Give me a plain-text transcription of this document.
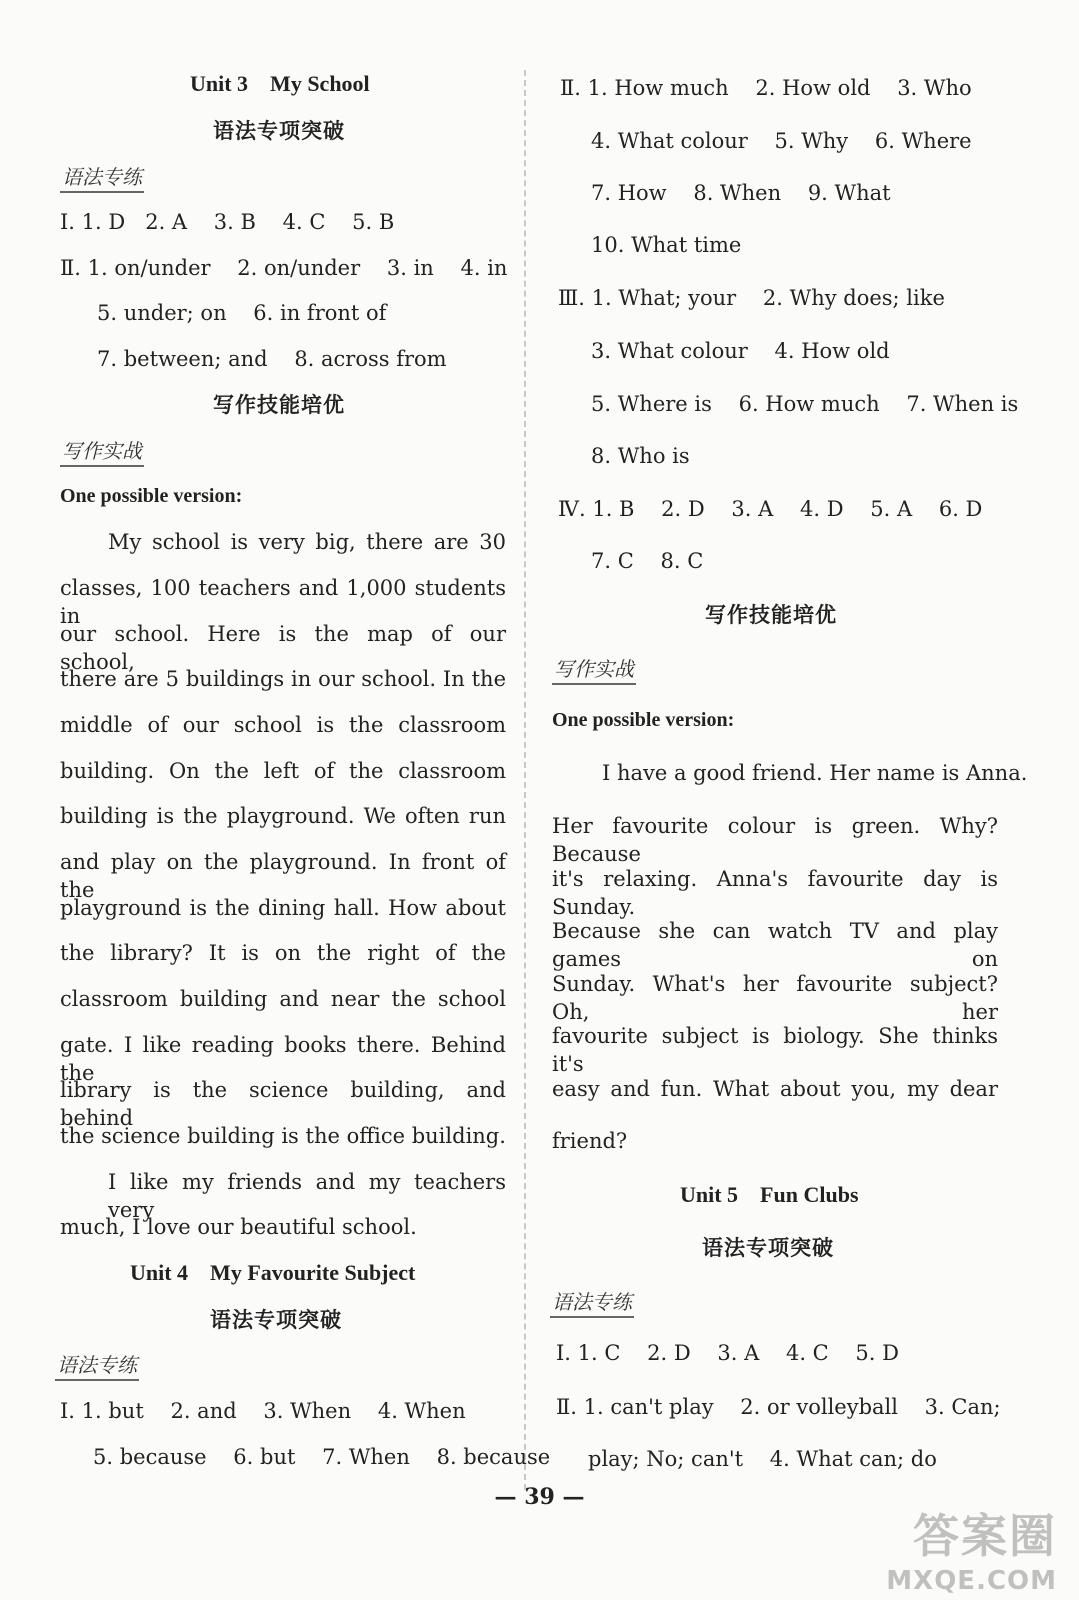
Unit 3    My School
语法专项突破
语法专练
Ⅰ. 1. D   2. A    3. B    4. C    5. B
Ⅱ. 1. on/under    2. on/under    3. in    4. in
5. under; on    6. in front of
7. between; and    8. across from
写作技能培优
写作实战
One possible version:
My school is very big, there are 30
classes, 100 teachers and 1,000 students in
our school. Here is the map of our school,
there are 5 buildings in our school. In the
middle of our school is the classroom
building. On the left of the classroom
building is the playground. We often run
and play on the playground. In front of the
playground is the dining hall. How about
the library? It is on the right of the
classroom building and near the school
gate. I like reading books there. Behind the
library is the science building, and behind
the science building is the office building.
I like my friends and my teachers very
much, I love our beautiful school.
Unit 4    My Favourite Subject
语法专项突破
语法专练
Ⅰ. 1. but    2. and    3. When    4. When
5. because    6. but    7. When    8. because
Ⅱ. 1. How much    2. How old    3. Who
4. What colour    5. Why    6. Where
7. How    8. When    9. What
10. What time
Ⅲ. 1. What; your    2. Why does; like
3. What colour    4. How old
5. Where is    6. How much    7. When is
8. Who is
Ⅳ. 1. B    2. D    3. A    4. D    5. A    6. D
7. C    8. C
写作技能培优
写作实战
One possible version:
I have a good friend. Her name is Anna.
Her favourite colour is green. Why? Because
it's relaxing. Anna's favourite day is Sunday.
Because she can watch TV and play games on
Sunday. What's her favourite subject? Oh, her
favourite subject is biology. She thinks it's
easy and fun. What about you, my dear
friend?
Unit 5    Fun Clubs
语法专项突破
语法专练
Ⅰ. 1. C    2. D    3. A    4. C    5. D
Ⅱ. 1. can't play    2. or volleyball    3. Can;
play; No; can't    4. What can; do
— 39 —
答案圈
MXQE.COM
